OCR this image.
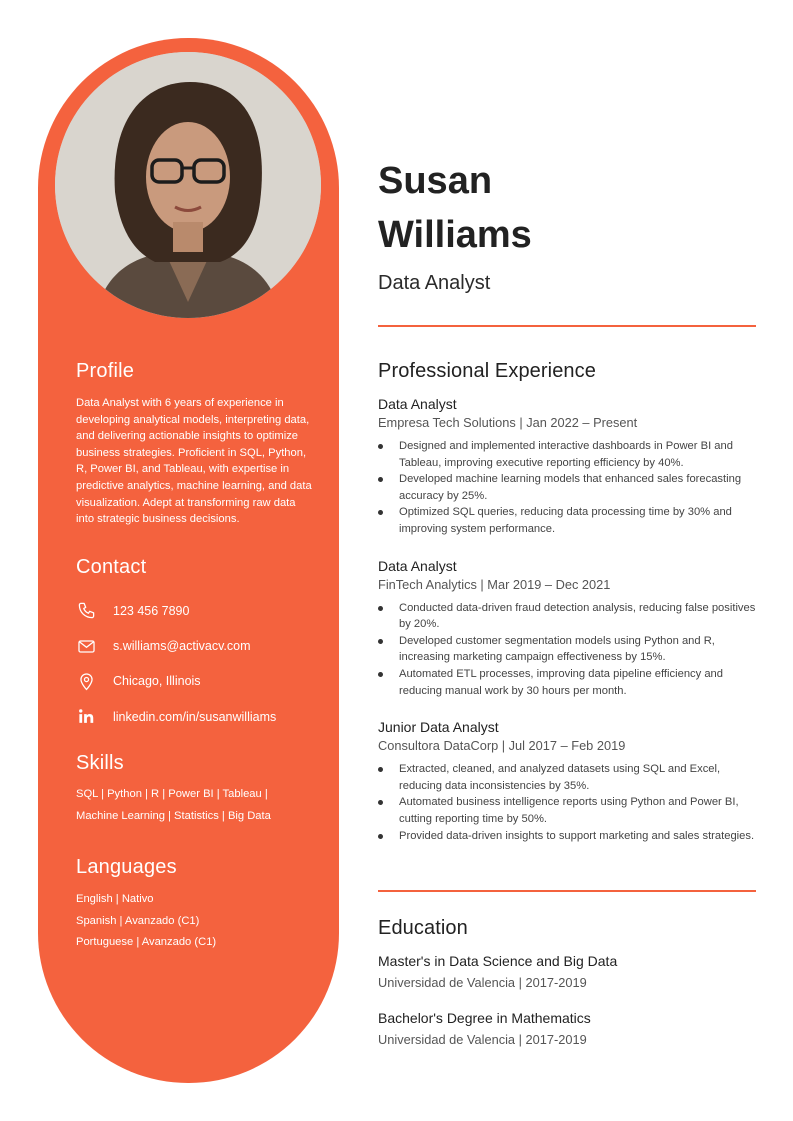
Profile
Data Analyst with 6 years of experience in developing analytical models, interpreting data, and delivering actionable insights to optimize business strategies. Proficient in SQL, Python, R, Power BI, and Tableau, with expertise in predictive analytics, machine learning, and data visualization. Adept at transforming raw data into strategic business decisions.
Contact
123 456 7890
s.williams@activacv.com
Chicago, Illinois
linkedin.com/in/susanwilliams
Skills
SQL | Python | R | Power BI | Tableau |
Machine Learning | Statistics | Big Data
Languages
English | Nativo
Spanish | Avanzado (C1)
Portuguese | Avanzado (C1)
Susan
Williams
Data Analyst
Professional Experience
Data Analyst
Empresa Tech Solutions | Jan 2022 – Present
Designed and implemented interactive dashboards in Power BI and Tableau, improving executive reporting efficiency by 40%.
Developed machine learning models that enhanced sales forecasting accuracy by 25%.
Optimized SQL queries, reducing data processing time by 30% and improving system performance.
Data Analyst
FinTech Analytics | Mar 2019 – Dec 2021
Conducted data-driven fraud detection analysis, reducing false positives by 20%.
Developed customer segmentation models using Python and R, increasing marketing campaign effectiveness by 15%.
Automated ETL processes, improving data pipeline efficiency and reducing manual work by 30 hours per month.
Junior Data Analyst
Consultora DataCorp | Jul 2017 – Feb 2019
Extracted, cleaned, and analyzed datasets using SQL and Excel, reducing data inconsistencies by 35%.
Automated business intelligence reports using Python and Power BI, cutting reporting time by 50%.
Provided data-driven insights to support marketing and sales strategies.
Education
Master's in Data Science and Big Data
Universidad de Valencia | 2017-2019
Bachelor's Degree in Mathematics
Universidad de Valencia | 2017-2019
